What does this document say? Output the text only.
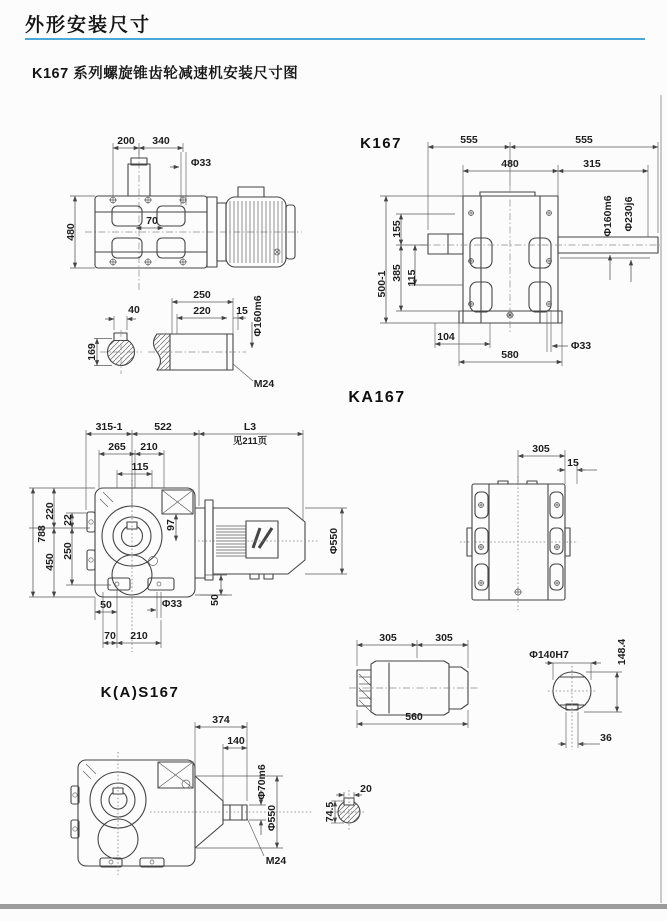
外形安装尺寸
K167 系列螺旋锥齿轮减速机安装尺寸图
200 340
Φ33
70
480
40
169
250
220 15 Φ160m6
M24
K167	555	555
480	315
500-1
155
385 115
Φ160m6 Φ230j6
104
Φ33
580
KA167
315-1	522	L3
见211页
265 210
115
788
220
450
22
250
97
Φ550
50	Φ33	50
70 210
305
15
305	305
560
Φ140H7	148.4
36
K(A)S167
374
140
Φ70m6
Φ550
M24
20
74.5
